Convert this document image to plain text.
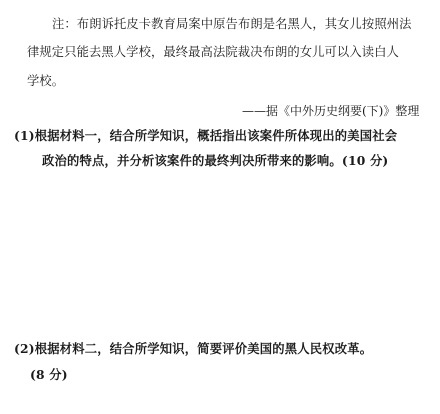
注：布朗诉托皮卡教育局案中原告布朗是名黑人，其女儿按照州法
律规定只能去黑人学校，最终最高法院裁决布朗的女儿可以入读白人
学校。
——据《中外历史纲要(下)》整理
(1)根据材料一，结合所学知识，概括指出该案件所体现出的美国社会
政治的特点，并分析该案件的最终判决所带来的影响。(10 分)
(2)根据材料二，结合所学知识，简要评价美国的黑人民权改革。
(8 分)
